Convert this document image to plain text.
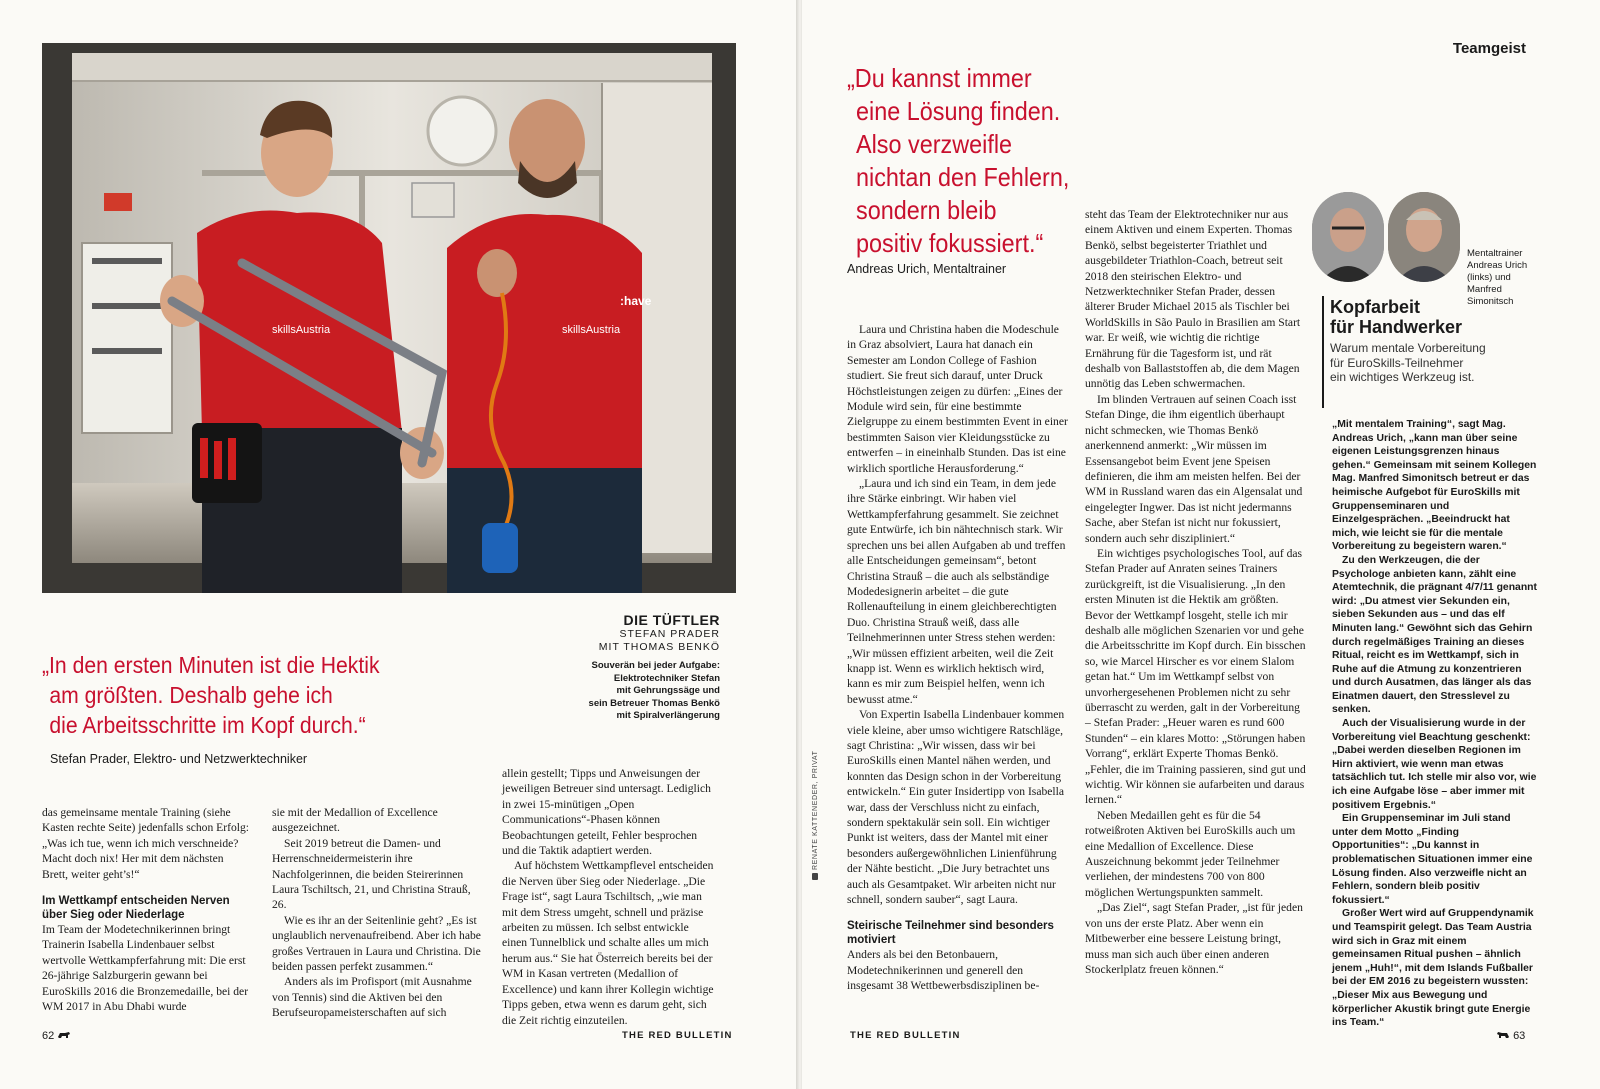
skillsAustria	skillsAustria
:have
DIE TÜFTLER
STEFAN PRADER
MIT THOMAS BENKÖ
Souverän bei jeder Aufgabe:
Elektrotechniker Stefan
mit Gehrungssäge und
sein Betreuer Thomas Benkö
mit Spiralverlängerung
„In den ersten Minuten ist die Hektik
am größten. Deshalb gehe ich
die Arbeitsschritte im Kopf durch.“
Stefan Prader, Elektro- und Netzwerktechniker

das gemeinsame mentale Training (siehe Kasten rechte Seite) jedenfalls schon Erfolg: „Was ich tue, wenn ich mich verschneide? Macht doch nix! Her mit dem nächsten Brett, weiter geht’s!“

Im Wettkampf entscheiden Nerven über Sieg oder Niederlage

Im Team der Modetechnikerinnen bringt Trainerin Isabella Lindenbauer selbst wertvolle Wettkampferfahrung mit: Die erst 26-jährige Salzburgerin gewann bei EuroSkills 2016 die Bronzemedaille, bei der WM 2017 in Abu Dhabi wurde

sie mit der Medallion of Excellence ausgezeichnet.

Seit 2019 betreut die Damen- und Herrenschneidermeisterin ihre Nachfolgerinnen, die beiden Steirerinnen Laura Tschiltsch, 21, und Christina Strauß, 26.

Wie es ihr an der Seitenlinie geht? „Es ist unglaublich nervenaufreibend. Aber ich habe großes Vertrauen in Laura und Christina. Die beiden passen perfekt zusammen.“

Anders als im Profisport (mit Ausnahme von Tennis) sind die Aktiven bei den Berufseuropameisterschaften auf sich

allein gestellt; Tipps und Anweisungen der jeweiligen Betreuer sind untersagt. Lediglich in zwei 15-minütigen „Open Communications“-Phasen können Beobachtungen geteilt, Fehler besprochen und die Taktik adaptiert werden.

Auf höchstem Wettkampflevel entscheiden die Nerven über Sieg oder Niederlage. „Die Frage ist“, sagt Laura Tschiltsch, „wie man mit dem Stress umgeht, schnell und präzise arbeiten zu müssen. Ich selbst entwickle einen Tunnelblick und schalte alles um mich herum aus.“ Sie hat Österreich bereits bei der WM in Kasan vertreten (Medallion of Excellence) und kann ihrer Kollegin wichtige Tipps geben, etwa wenn es darum geht, sich die Zeit richtig einzuteilen.

62	THE RED BULLETIN
Teamgeist
„Du kannst immer
eine Lösung finden.
Also verzweifle
nichtan den Fehlern,
sondern bleib
positiv fokussiert.“
Andreas Urich, Mentaltrainer
RENATE KATTENEDER, PRIVAT

Laura und Christina haben die Modeschule in Graz absolviert, Laura hat danach ein Semester am London College of Fashion studiert. Sie freut sich darauf, unter Druck Höchstleistungen zeigen zu dürfen: „Eines der Module wird sein, für eine bestimmte Zielgruppe zu einem bestimmten Event in einer bestimmten Saison vier Kleidungsstücke zu entwerfen – in eineinhalb Stunden. Das ist eine wirklich sportliche Herausforderung.“

„Laura und ich sind ein Team, in dem jede ihre Stärke einbringt. Wir haben viel Wettkampferfahrung gesammelt. Sie zeichnet gute Entwürfe, ich bin nähtechnisch stark. Wir sprechen uns bei allen Aufgaben ab und treffen alle Entscheidungen gemeinsam“, betont Christina Strauß – die auch als selbständige Modedesignerin arbeitet – die gute Rollenaufteilung in einem gleichberechtigten Duo. Christina Strauß weiß, dass alle Teilnehmerinnen unter Stress stehen werden: „Wir müssen effizient arbeiten, weil die Zeit knapp ist. Wenn es wirklich hektisch wird, kann es mir zum Beispiel helfen, wenn ich bewusst atme.“

Von Expertin Isabella Lindenbauer kommen viele kleine, aber umso wichtigere Ratschläge, sagt Christina: „Wir wissen, dass wir bei EuroSkills einen Mantel nähen werden, und konnten das Design schon in der Vorbereitung entwickeln.“ Ein guter Insidertipp von Isabella war, dass der Verschluss nicht zu einfach, sondern spektakulär sein soll. Ein wichtiger Punkt ist weiters, dass der Mantel mit einer besonders außergewöhnlichen Linienführung der Nähte besticht. „Die Jury betrachtet uns auch als Gesamtpaket. Wir arbeiten nicht nur schnell, sondern sauber“, sagt Laura.

Steirische Teilnehmer sind besonders motiviert

Anders als bei den Betonbauern, Modetechnikerinnen und generell den insgesamt 38 Wettbewerbsdisziplinen be-

steht das Team der Elektrotechniker nur aus einem Aktiven und einem Experten. Thomas Benkö, selbst begeisterter Triathlet und ausgebildeter Triathlon-Coach, betreut seit 2018 den steirischen Elektro- und Netzwerktechniker Stefan Prader, dessen älterer Bruder Michael 2015 als Tischler bei WorldSkills in São Paulo in Brasilien am Start war. Er weiß, wie wichtig die richtige Ernährung für die Tagesform ist, und rät deshalb von Ballaststoffen ab, die dem Magen unnötig das Leben schwermachen.

Im blinden Vertrauen auf seinen Coach isst Stefan Dinge, die ihm eigentlich überhaupt nicht schmecken, wie Thomas Benkö anerkennend anmerkt: „Wir müssen im Essensangebot beim Event jene Speisen definieren, die ihm am meisten helfen. Bei der WM in Russland waren das ein Algensalat und eingelegter Ingwer. Das ist nicht jedermanns Sache, aber Stefan ist nicht nur fokussiert, sondern auch sehr diszipliniert.“

Ein wichtiges psychologisches Tool, auf das Stefan Prader auf Anraten seines Trainers zurückgreift, ist die Visualisierung. „In den ersten Minuten ist die Hektik am größten. Bevor der Wettkampf losgeht, stelle ich mir deshalb alle möglichen Szenarien vor und gehe die Arbeitsschritte im Kopf durch. Ein bisschen so, wie Marcel Hirscher es vor einem Slalom getan hat.“ Um im Wettkampf selbst von unvorhergesehenen Problemen nicht zu sehr überrascht zu werden, galt in der Vorbereitung – Stefan Prader: „Heuer waren es rund 600 Stunden“ – ein klares Motto: „Störungen haben Vorrang“, erklärt Experte Thomas Benkö. „Fehler, die im Training passieren, sind gut und wichtig. Wir können sie aufarbeiten und daraus lernen.“

Neben Medaillen geht es für die 54 rotweißroten Aktiven bei EuroSkills auch um eine Medallion of Excellence. Diese Auszeichnung bekommt jeder Teilnehmer verliehen, der mindestens 700 von 800 möglichen Wertungspunkten sammelt.

„Das Ziel“, sagt Stefan Prader, „ist für jeden von uns der erste Platz. Aber wenn ein Mitbewerber eine bessere Leistung bringt, muss man sich auch über einen anderen Stockerlplatz freuen können.“

Mentaltrainer
Andreas Urich
(links) und
Manfred
Simonitsch
Kopfarbeit
für Handwerker
Warum mentale Vorbereitung
für EuroSkills-Teilnehmer
ein wichtiges Werkzeug ist.

„Mit mentalem Training“, sagt Mag. Andreas Urich, „kann man über seine eigenen Leistungsgrenzen hinaus gehen.“ Gemeinsam mit seinem Kollegen Mag. Manfred Simonitsch betreut er das heimische Aufgebot für EuroSkills mit Gruppenseminaren und Einzelgesprächen. „Beeindruckt hat mich, wie leicht sie für die mentale Vorbereitung zu begeistern waren.“

Zu den Werkzeugen, die der Psychologe anbieten kann, zählt eine Atemtechnik, die prägnant 4/7/11 genannt wird: „Du atmest vier Sekunden ein, sieben Sekunden aus – und das elf Minuten lang.“ Gewöhnt sich das Gehirn durch regelmäßiges Training an dieses Ritual, reicht es im Wettkampf, sich in Ruhe auf die Atmung zu konzentrieren und durch Ausatmen, das länger als das Einatmen dauert, den Stresslevel zu senken.

Auch der Visualisierung wurde in der Vorbereitung viel Beachtung geschenkt: „Dabei werden dieselben Regionen im Hirn aktiviert, wie wenn man etwas tatsächlich tut. Ich stelle mir also vor, wie ich eine Aufgabe löse – aber immer mit positivem Ergebnis.“

Ein Gruppenseminar im Juli stand unter dem Motto „Finding Opportunities“: „Du kannst in problematischen Situationen immer eine Lösung finden. Also verzweifle nicht an Fehlern, sondern bleib positiv fokussiert.“

Großer Wert wird auf Gruppendynamik und Teamspirit gelegt. Das Team Austria wird sich in Graz mit einem gemeinsamen Ritual pushen – ähnlich jenem „Huh!“, mit dem Islands Fußballer bei der EM 2016 zu begeistern wussten: „Dieser Mix aus Bewegung und körperlicher Akustik bringt gute Energie ins Team.“

THE RED BULLETIN	63
